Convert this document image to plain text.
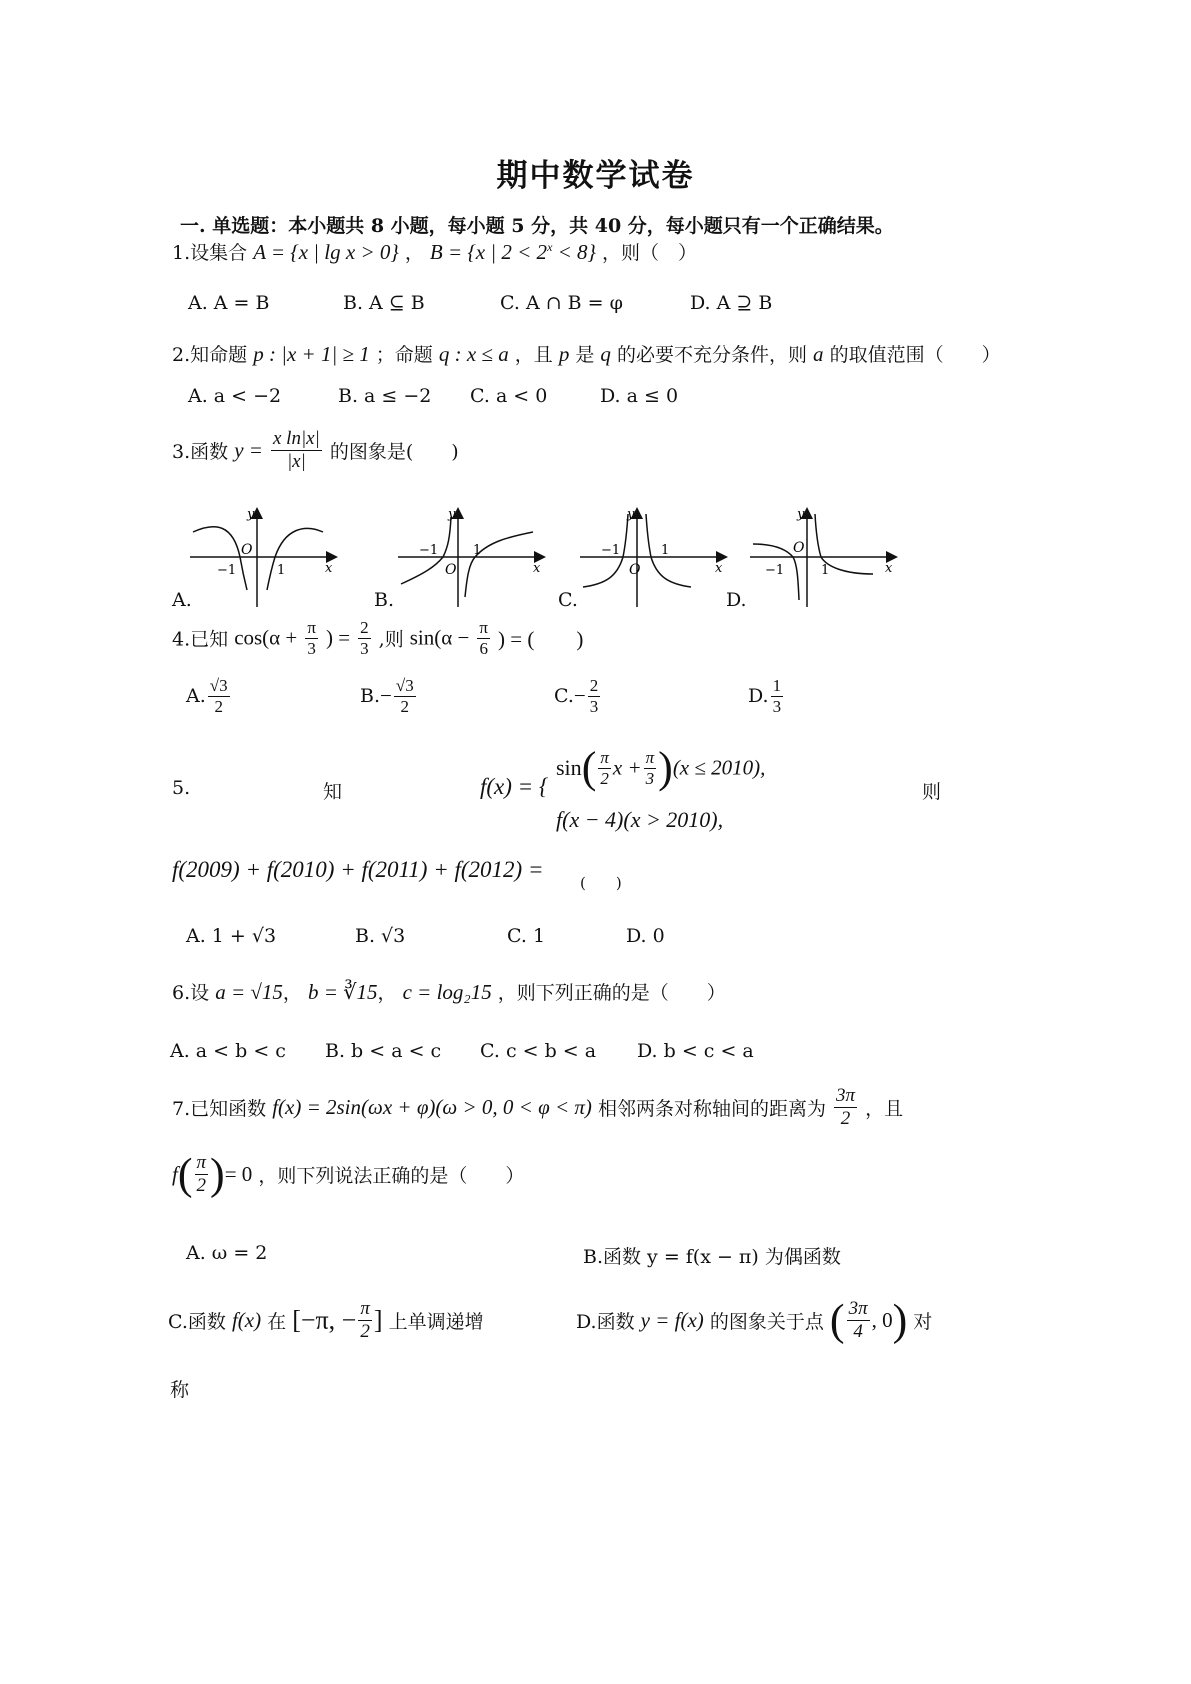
期中数学试卷
一. 单选题：本小题共 8 小题，每小题 5 分，共 40 分，每小题只有一个正确结果。
1.设集合 A = {x | lg x > 0} ， B = {x | $2 < 2^x < 8$} ，则（　）
A. A = B	B. A ⊆ B	C. A ∩ B = φ	D. A ⊇ B
2.知命题 p : |x + 1| ≥ 1 ；命题 q : x ≤ a ，且 p 是 q 的必要不充分条件，则 a 的取值范围（　　）
A. a < −2	B. a ≤ −2 C. a < 0	D. a ≤ 0
3.函数 $y = \frac{\text{x ln|x|}}{|x|}$ 的图象是(　　)
y
x
O
−1	1
A.
y
x
O
−1	1
B.
y
x
O
−1	1
C.
y
x
O
−1	1
D.
4.已知 $\cos(\alpha + \frac{\pi}{3}$ ) = $\frac{2}{3}$ ,则 $\sin(\alpha - \frac{\pi}{6}$ ) = (　　)
A. $\frac{√3}{2}$	$B.- \frac{√3}{2}$	$C.- \frac{2}{3}$	D. $\frac{1}{3}$
5.	知	f(x) = {
$\sin( \frac{\pi}{2}$ $x + \frac{\pi}{3} )(x \le 2010)$,
f(x − 4)(x > 2010),
则
f(2009) + f(2010) + f(2011) + f(2012) =
(　　)
A. 1 + √3	B. √3	C. 1	D. 0
6.设 a = √15， b = ∛15， c = log₂15 ，则下列正确的是（　　）
A. a < b < c B. b < a < c C. c < b < a D. b < c < a
7.已知函数 f(x) = 2sin(ωx + φ)(ω > 0, 0 < φ < π) 相邻两条对称轴间的距离为 $\frac{3\pi}{2}$ ，且
$f( \frac{\pi}{2}$ )= 0 ，则下列说法正确的是（　　）
A. ω = 2	B.函数 y = f(x − π) 为偶函数
C.函数 f(x) 在 [−π, − $\frac{\pi}{2}$ ] 上单调递增	D.函数 y = f(x) 的图象关于点 ( $\frac{3\pi}{4}$ , 0) 对
称
